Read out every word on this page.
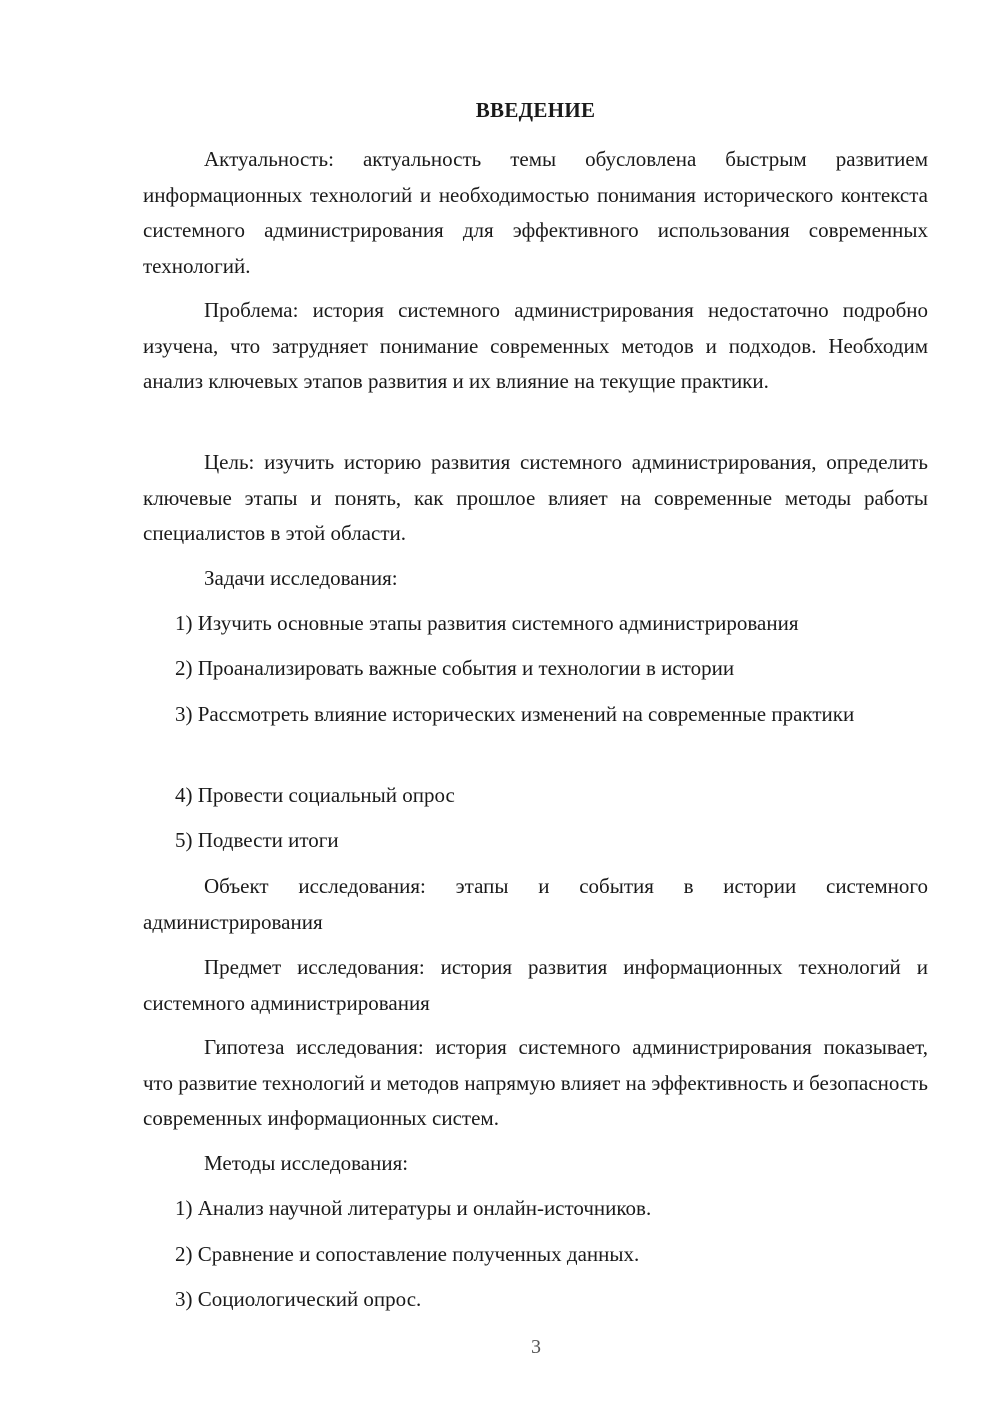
ВВЕДЕНИЕ

Актуальность: актуальность темы обусловлена быстрым развитием информационных технологий и необходимостью понимания исторического контекста системного администрирования для эффективного использования современных технологий.

Проблема: история системного администрирования недостаточно подробно изучена, что затрудняет понимание современных методов и подходов. Необходим анализ ключевых этапов развития и их влияние на текущие практики.

Цель: изучить историю развития системного администрирования, определить ключевые этапы и понять, как прошлое влияет на современные методы работы специалистов в этой области.

Задачи исследования:

1) Изучить основные этапы развития системного администрирования

2) Проанализировать важные события и технологии в истории

3) Рассмотреть влияние исторических изменений на современные практики

4) Провести социальный опрос

5) Подвести итоги

Объект исследования: этапы и события в истории системного администрирования

Предмет исследования: история развития информационных технологий и системного администрирования

Гипотеза исследования: история системного администрирования показывает, что развитие технологий и методов напрямую влияет на эффективность и безопасность современных информационных систем.

Методы исследования:

1) Анализ научной литературы и онлайн-источников.

2) Сравнение и сопоставление полученных данных.

3) Социологический опрос.

3
